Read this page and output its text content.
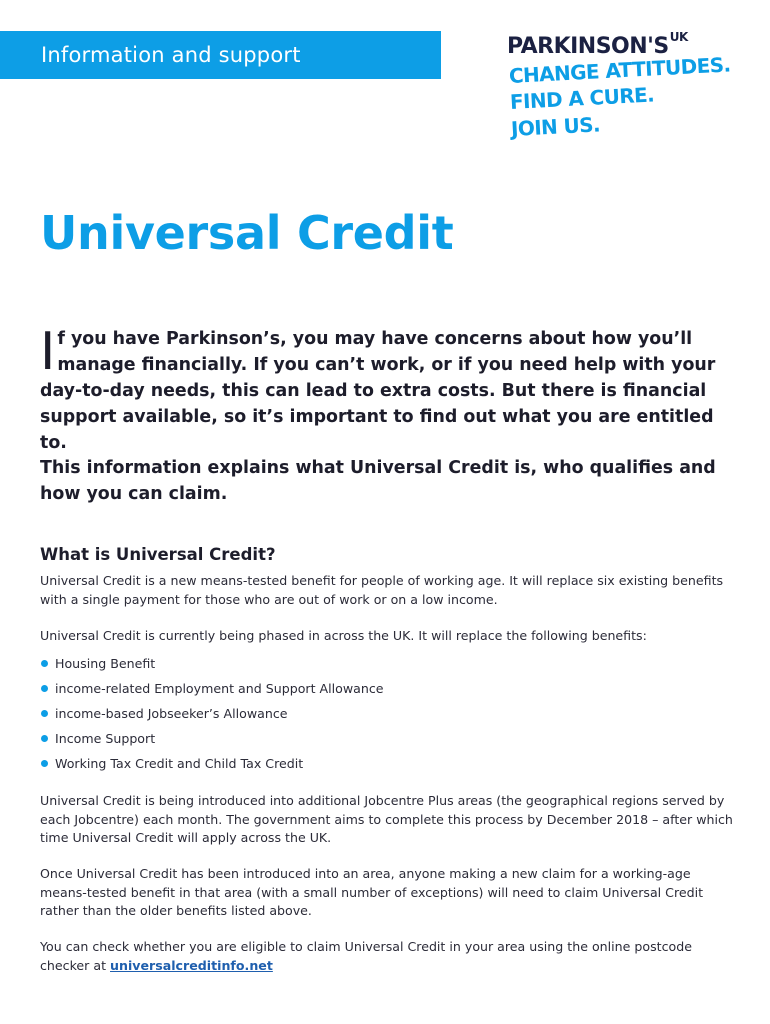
Information and support	$PARKINSON'S^{UK}$
CHANGE ATTITUDES.
FIND A CURE.
JOIN US.
Universal Credit

If you have Parkinson’s, you may have concerns about how you’ll manage financially. If you can’t work, or if you need help with your day-to-day needs, this can lead to extra costs. But there is financial support available, so it’s important to find out what you are entitled to.

This information explains what Universal Credit is, who qualifies and how you can claim.

What is Universal Credit?

Universal Credit is a new means-tested benefit for people of working age. It will replace six existing benefits with a single payment for those who are out of work or on a low income.

Universal Credit is currently being phased in across the UK. It will replace the following benefits:

Housing Benefit
income-related Employment and Support Allowance
income-based Jobseeker’s Allowance
Income Support
Working Tax Credit and Child Tax Credit

Universal Credit is being introduced into additional Jobcentre Plus areas (the geographical regions served by each Jobcentre) each month. The government aims to complete this process by December 2018 – after which time Universal Credit will apply across the UK.

Once Universal Credit has been introduced into an area, anyone making a new claim for a working-age means-tested benefit in that area (with a small number of exceptions) will need to claim Universal Credit rather than the older benefits listed above.

You can check whether you are eligible to claim Universal Credit in your area using the online postcode checker at universalcreditinfo.net
